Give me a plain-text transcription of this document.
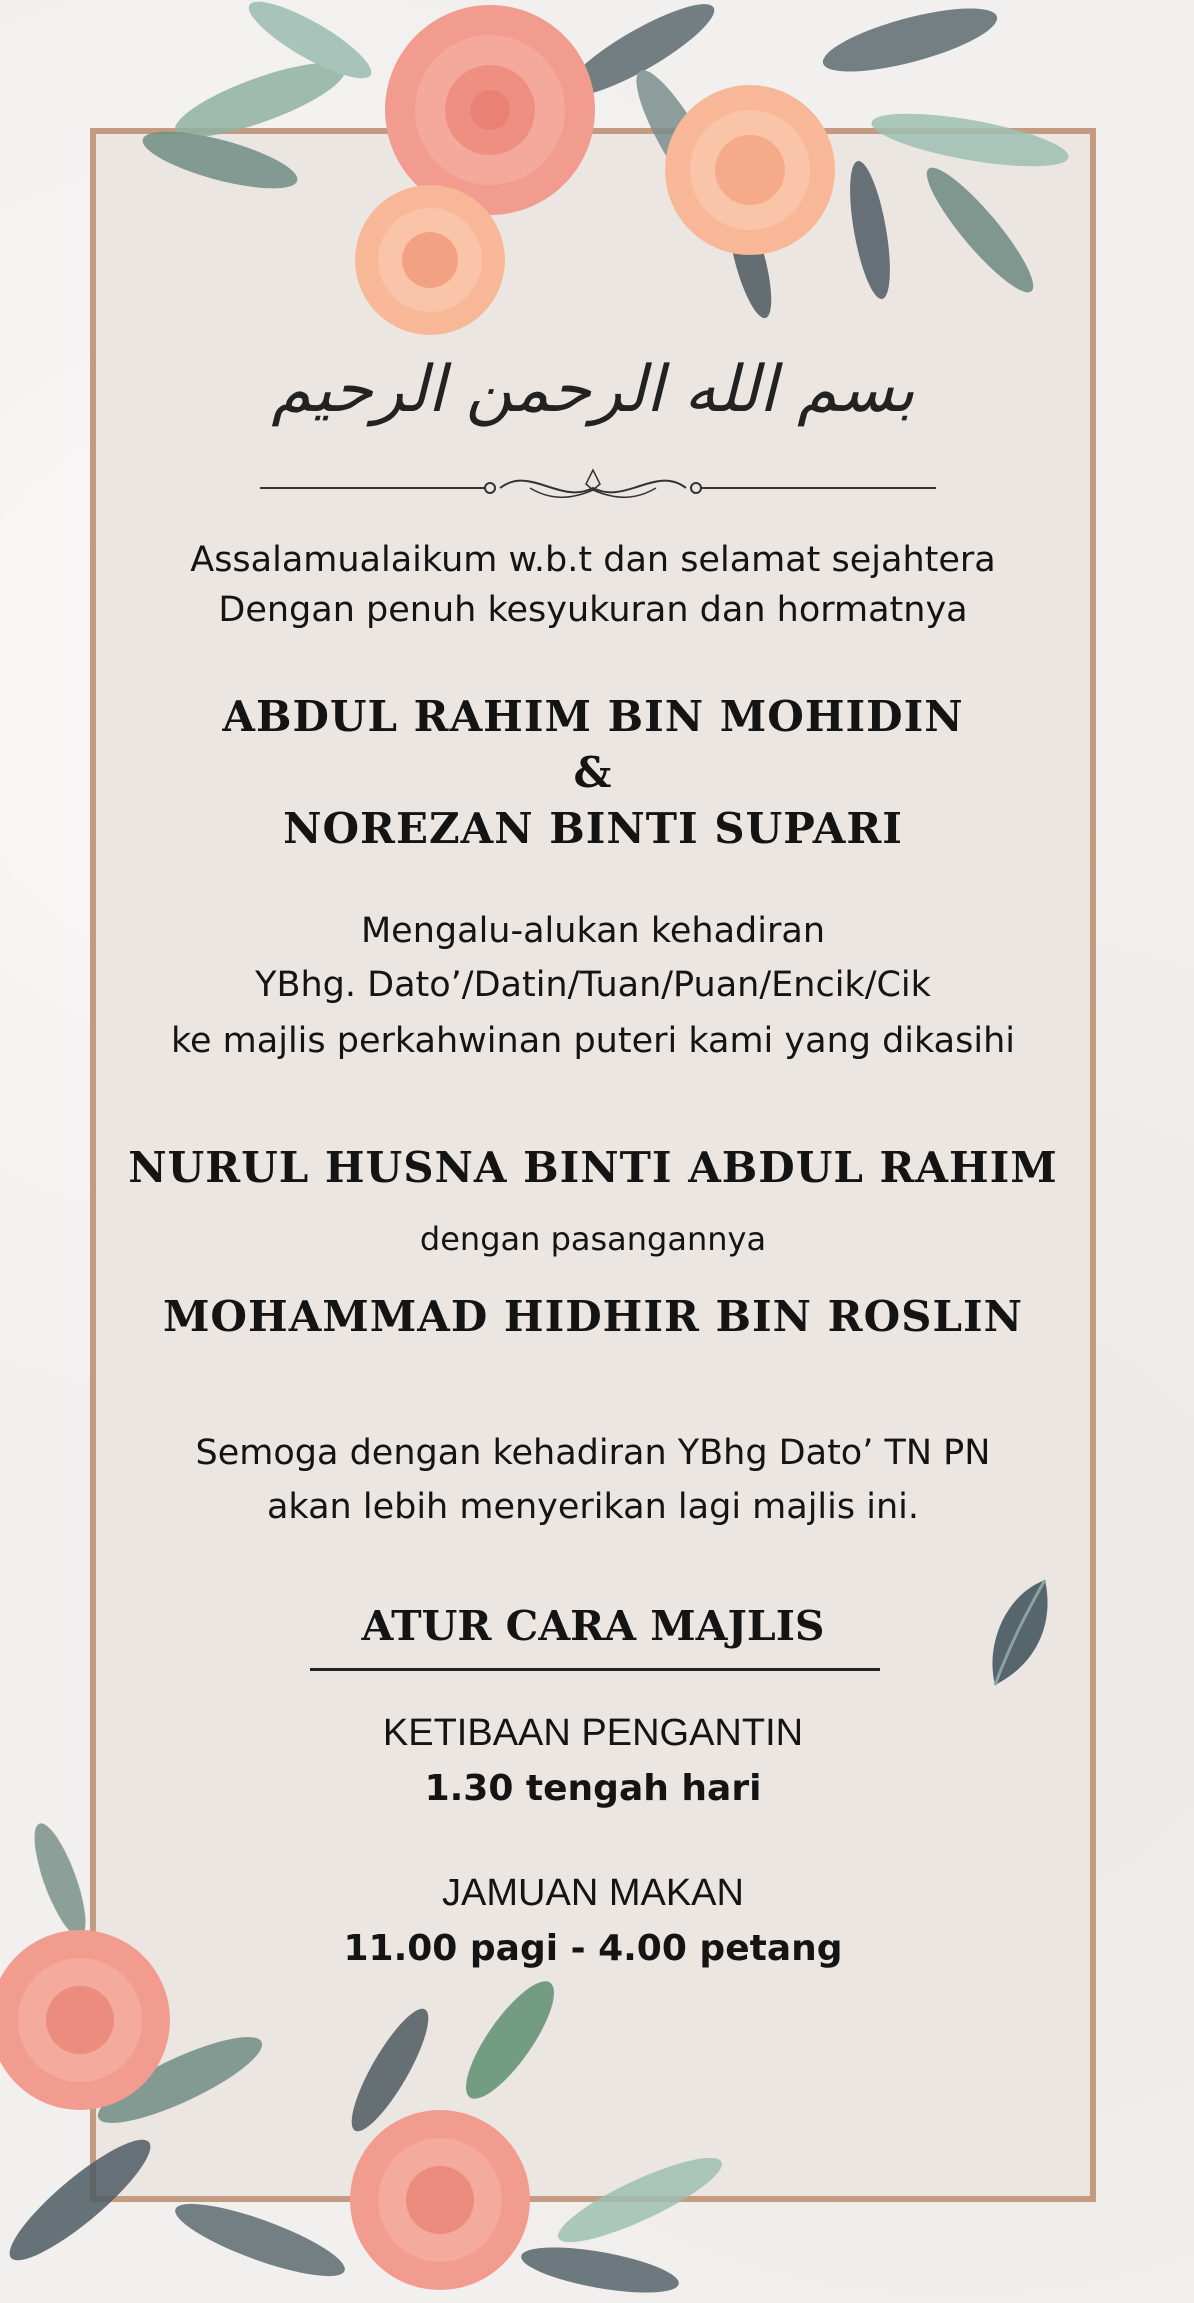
بسم الله الرحمن الرحيم
Assalamualaikum w.b.t dan selamat sejahtera
Dengan penuh kesyukuran dan hormatnya
ABDUL RAHIM BIN MOHIDIN
&
NOREZAN BINTI SUPARI
Mengalu-alukan kehadiran
YBhg. Dato’/Datin/Tuan/Puan/Encik/Cik
ke majlis perkahwinan puteri kami yang dikasihi
NURUL HUSNA BINTI ABDUL RAHIM
dengan pasangannya
MOHAMMAD HIDHIR BIN ROSLIN
Semoga dengan kehadiran YBhg Dato’ TN PN
akan lebih menyerikan lagi majlis ini.
ATUR CARA MAJLIS
KETIBAAN PENGANTIN
1.30 tengah hari
JAMUAN MAKAN
11.00 pagi - 4.00 petang
